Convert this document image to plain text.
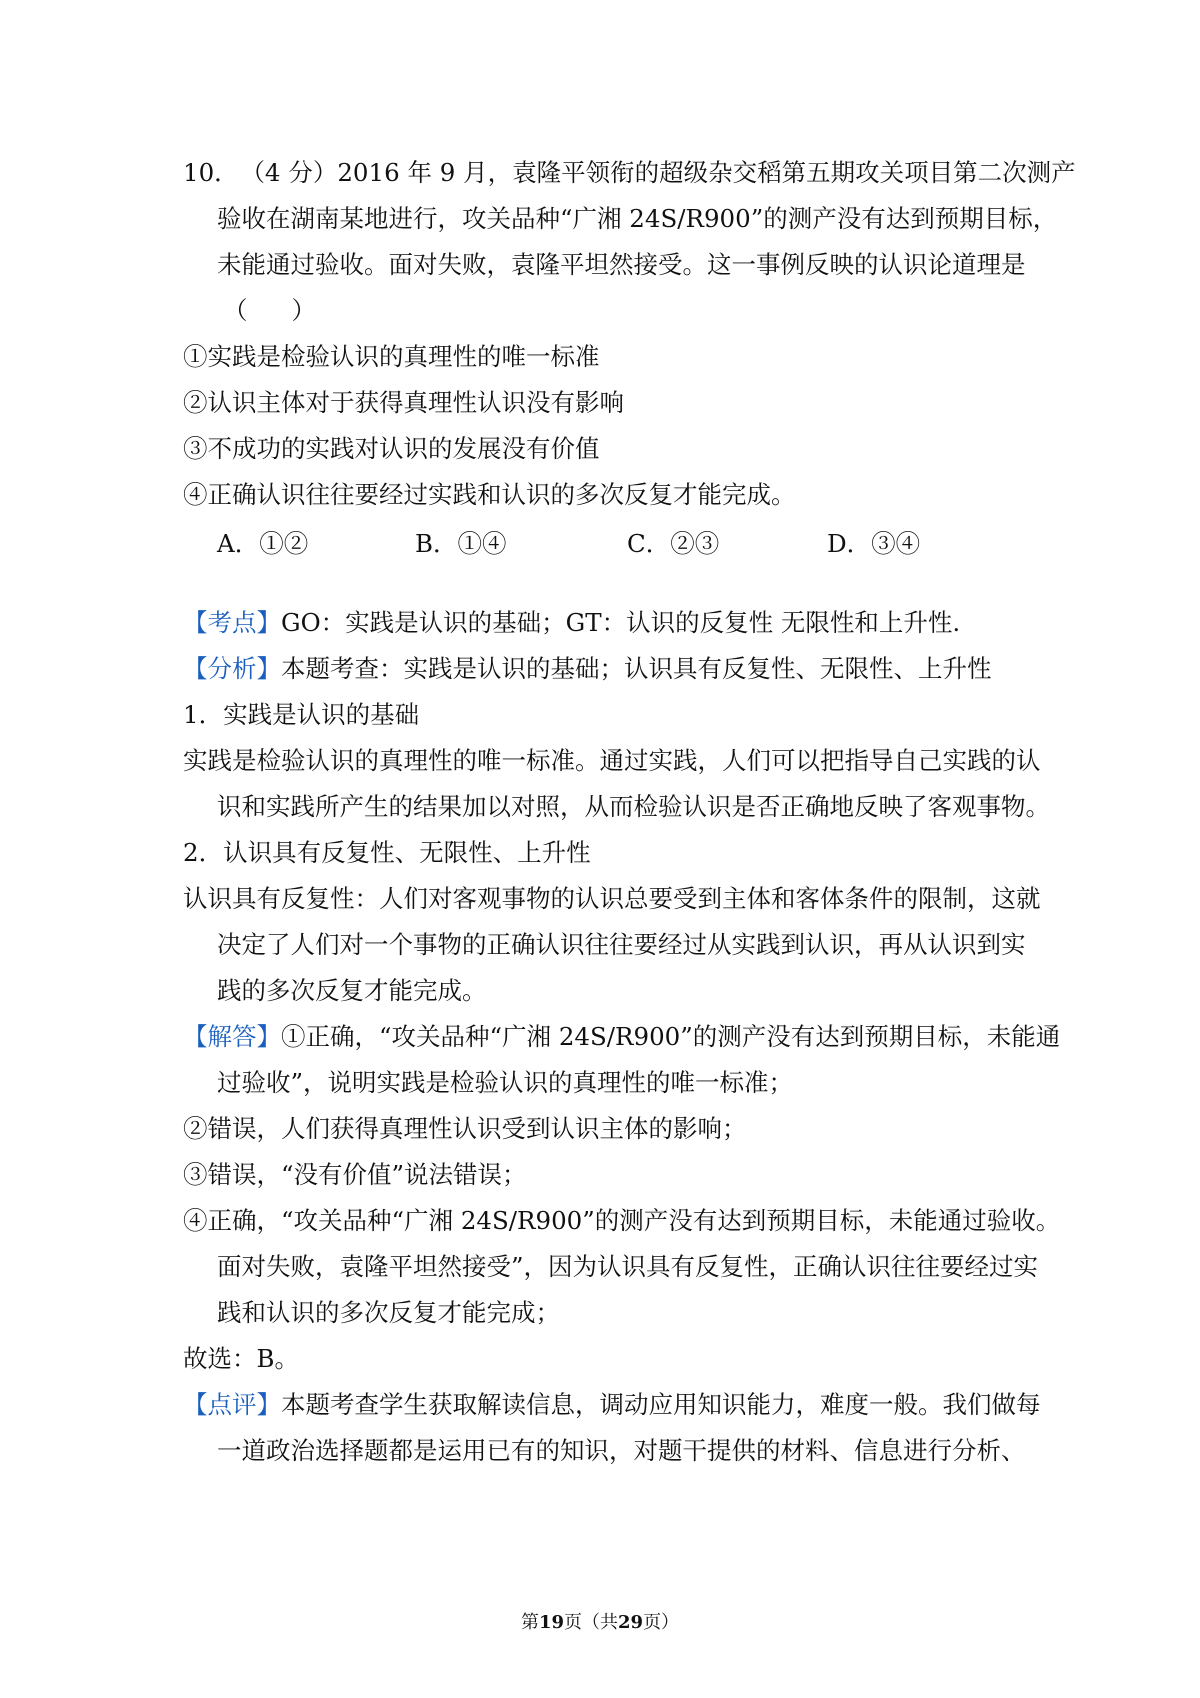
10． （4 分）2016 年 9 月，袁隆平领衔的超级杂交稻第五期攻关项目第二次测产
验收在湖南某地进行，攻关品种“广湘 24S/R900”的测产没有达到预期目标，
未能通过验收。面对失败，袁隆平坦然接受。这一事例反映的认识论道理是
（ ）
①实践是检验认识的真理性的唯一标准
②认识主体对于获得真理性认识没有影响
③不成功的实践对认识的发展没有价值
④正确认识往往要经过实践和认识的多次反复才能完成。
A．①②	B．①④	C．②③	D．③④
【考点】GO：实践是认识的基础；GT：认识的反复性 无限性和上升性.
【分析】本题考查：实践是认识的基础；认识具有反复性、无限性、上升性
1．实践是认识的基础
实践是检验认识的真理性的唯一标准。通过实践，人们可以把指导自己实践的认
识和实践所产生的结果加以对照，从而检验认识是否正确地反映了客观事物。
2．认识具有反复性、无限性、上升性
认识具有反复性：人们对客观事物的认识总要受到主体和客体条件的限制，这就
决定了人们对一个事物的正确认识往往要经过从实践到认识，再从认识到实
践的多次反复才能完成。
【解答】①正确，“攻关品种“广湘 24S/R900”的测产没有达到预期目标，未能通
过验收”，说明实践是检验认识的真理性的唯一标准；
②错误，人们获得真理性认识受到认识主体的影响；
③错误，“没有价值”说法错误；
④正确，“攻关品种“广湘 24S/R900”的测产没有达到预期目标，未能通过验收。
面对失败，袁隆平坦然接受”，因为认识具有反复性，正确认识往往要经过实
践和认识的多次反复才能完成；
故选：B。
【点评】本题考查学生获取解读信息，调动应用知识能力，难度一般。我们做每
一道政治选择题都是运用已有的知识，对题干提供的材料、信息进行分析、
第19页（共29页）
